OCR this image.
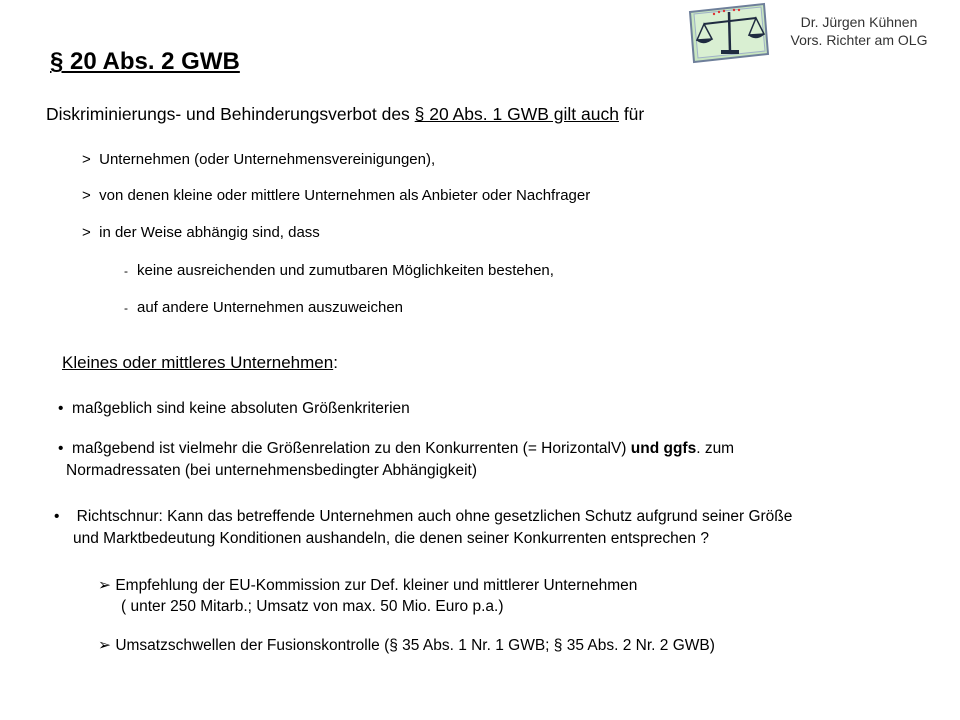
Dr. Jürgen Kühnen
Vors. Richter am OLG
§ 20 Abs. 2 GWB
Diskriminierungs- und Behinderungsverbot des § 20 Abs. 1 GWB gilt auch für
> Unternehmen (oder Unternehmensvereinigungen),
> von denen kleine oder mittlere Unternehmen als Anbieter oder Nachfrager
> in der Weise abhängig sind, dass
- keine ausreichenden und zumutbaren Möglichkeiten bestehen,
- auf andere Unternehmen auszuweichen
Kleines oder mittleres Unternehmen:
•  maßgeblich sind keine absoluten Größenkriterien
•  maßgebend ist vielmehr die Größenrelation zu den Konkurrenten (= HorizontalV) und ggfs. zum
Normadressaten (bei unternehmensbedingter Abhängigkeit)
•    Richtschnur: Kann das betreffende Unternehmen auch ohne gesetzlichen Schutz aufgrund seiner Größe
und Marktbedeutung Konditionen aushandeln, die denen seiner Konkurrenten entsprechen ?
➢ Empfehlung der EU-Kommission zur Def. kleiner und mittlerer Unternehmen
( unter 250 Mitarb.; Umsatz von max. 50 Mio. Euro p.a.)
➢ Umsatzschwellen der Fusionskontrolle (§ 35 Abs. 1 Nr. 1 GWB; § 35 Abs. 2 Nr. 2 GWB)
